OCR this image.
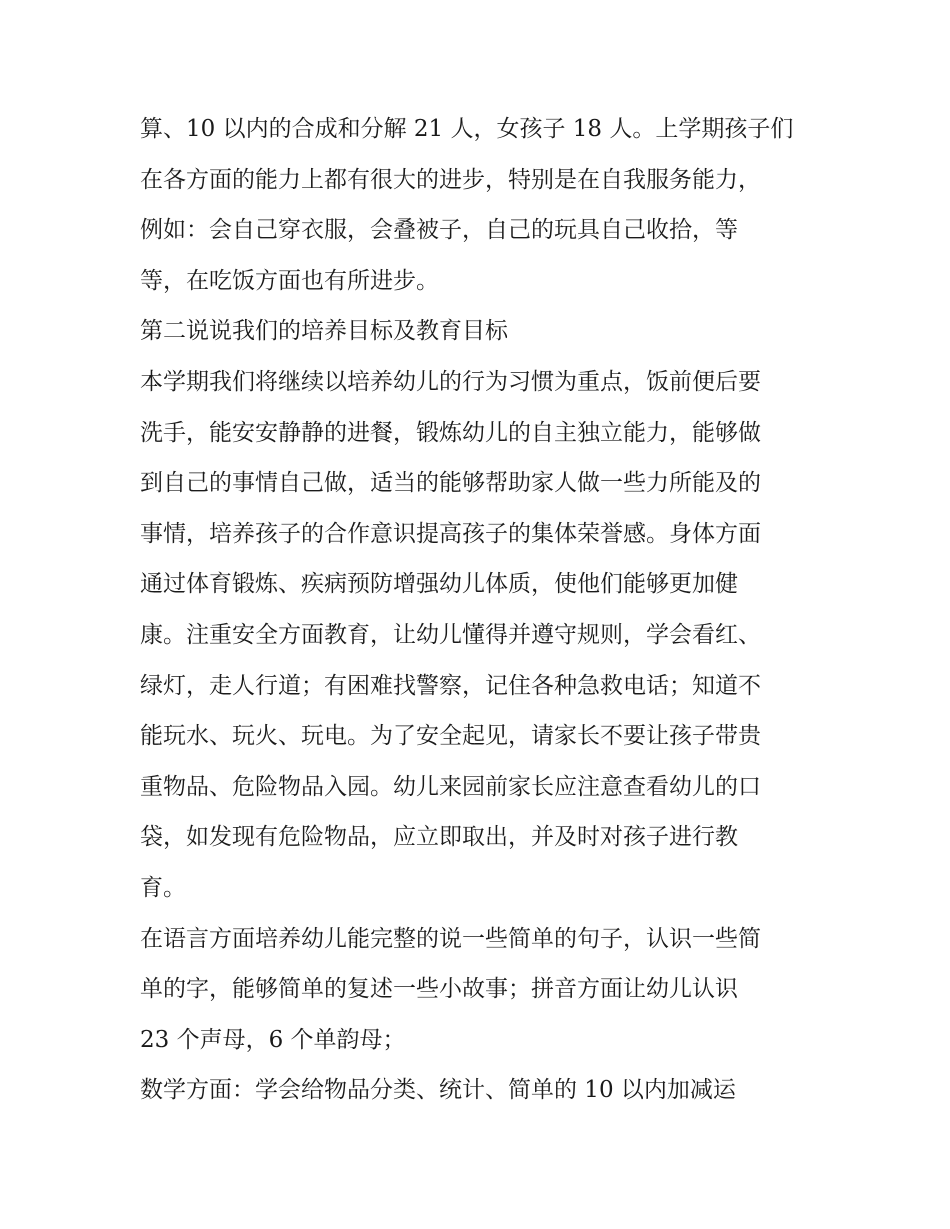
算、10 以内的合成和分解 21 人，女孩子 18 人。上学期孩子们
在各方面的能力上都有很大的进步，特别是在自我服务能力，
例如：会自己穿衣服，会叠被子，自己的玩具自己收拾，等
等，在吃饭方面也有所进步。
第二说说我们的培养目标及教育目标
本学期我们将继续以培养幼儿的行为习惯为重点，饭前便后要
洗手，能安安静静的进餐，锻炼幼儿的自主独立能力，能够做
到自己的事情自己做，适当的能够帮助家人做一些力所能及的
事情，培养孩子的合作意识提高孩子的集体荣誉感。身体方面
通过体育锻炼、疾病预防增强幼儿体质，使他们能够更加健
康。注重安全方面教育，让幼儿懂得并遵守规则，学会看红、
绿灯，走人行道；有困难找警察，记住各种急救电话；知道不
能玩水、玩火、玩电。为了安全起见，请家长不要让孩子带贵
重物品、危险物品入园。幼儿来园前家长应注意查看幼儿的口
袋，如发现有危险物品，应立即取出，并及时对孩子进行教
育。
在语言方面培养幼儿能完整的说一些简单的句子，认识一些简
单的字，能够简单的复述一些小故事；拼音方面让幼儿认识
23 个声母，6 个单韵母；
数学方面：学会给物品分类、统计、简单的 10 以内加减运
